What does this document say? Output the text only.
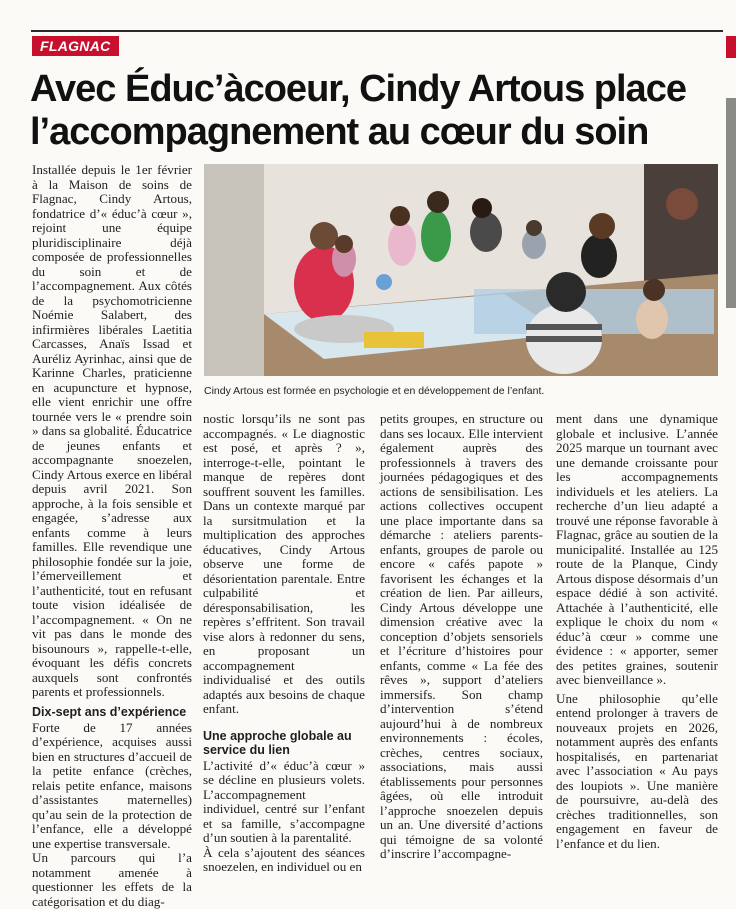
FLAGNAC
Avec Éduc’àcoeur, Cindy Artous place l’accompagnement au cœur du soin

Installée depuis le 1er février à la Maison de soins de Flagnac, Cindy Artous, fondatrice d’« éduc’à cœur », rejoint une équipe pluridisciplinaire déjà composée de professionnelles du soin et de l’accompagnement. Aux côtés de la psychomotricienne Noémie Salabert, des infirmières libérales Laetitia Carcasses, Anaïs Issad et Auréliz Ayrinhac, ainsi que de Karinne Charles, praticienne en acupuncture et hypnose, elle vient enrichir une offre tournée vers le « prendre soin » dans sa globalité. Éducatrice de jeunes enfants et accompagnante snoezelen, Cindy Artous exerce en libéral depuis avril 2021. Son approche, à la fois sensible et engagée, s’adresse aux enfants comme à leurs familles. Elle revendique une philosophie fondée sur la joie, l’émerveillement et l’authenticité, tout en refusant toute vision idéalisée de l’accompagnement. « On ne vit pas dans le monde des bisounours », rappelle-t-elle, évoquant les défis concrets auxquels sont confrontés parents et professionnels.

Dix-sept ans d’expérience

Forte de 17 années d’expérience, acquises aussi bien en structures d’accueil de la petite enfance (crèches, relais petite enfance, maisons d’assistantes maternelles) qu’au sein de la protection de l’enfance, elle a développé une expertise transversale.

Un parcours qui l’a notamment amenée à questionner les effets de la catégorisation et du diag-

Cindy Artous est formée en psychologie et en développement de l’enfant.

nostic lorsqu’ils ne sont pas accompagnés. « Le diagnostic est posé, et après ? », interroge-t-elle, pointant le manque de repères dont souffrent souvent les familles. Dans un contexte marqué par la sursitmulation et la multiplication des approches éducatives, Cindy Artous observe une forme de désorientation parentale. Entre culpabilité et déresponsabilisation, les repères s’effritent. Son travail vise alors à redonner du sens, en proposant un accompagnement individualisé et des outils adaptés aux besoins de chaque enfant.

Une approche globale au service du lien

L’activité d’« éduc’à cœur » se décline en plusieurs volets. L’accompagnement individuel, centré sur l’enfant et sa famille, s’accompagne d’un soutien à la parentalité.

À cela s’ajoutent des séances snoezelen, en individuel ou en

petits groupes, en structure ou dans ses locaux. Elle intervient également auprès des professionnels à travers des journées pédagogiques et des actions de sensibilisation. Les actions collectives occupent une place importante dans sa démarche : ateliers parents-enfants, groupes de parole ou encore « cafés papote » favorisent les échanges et la création de lien. Par ailleurs, Cindy Artous développe une dimension créative avec la conception d’objets sensoriels et l’écriture d’histoires pour enfants, comme « La fée des rêves », support d’ateliers immersifs. Son champ d’intervention s’étend aujourd’hui à de nombreux environnements : écoles, crèches, centres sociaux, associations, mais aussi établissements pour personnes âgées, où elle introduit l’approche snoezelen depuis un an. Une diversité d’actions qui témoigne de sa volonté d’inscrire l’accompagne-

ment dans une dynamique globale et inclusive. L’année 2025 marque un tournant avec une demande croissante pour les accompagnements individuels et les ateliers. La recherche d’un lieu adapté a trouvé une réponse favorable à Flagnac, grâce au soutien de la municipalité. Installée au 125 route de la Planque, Cindy Artous dispose désormais d’un espace dédié à son activité. Attachée à l’authenticité, elle explique le choix du nom « éduc’à cœur » comme une évidence : « apporter, semer des petites graines, soutenir avec bienveillance ».

Une philosophie qu’elle entend prolonger à travers de nouveaux projets en 2026, notamment auprès des enfants hospitalisés, en partenariat avec l’association « Au pays des loupiots ». Une manière de poursuivre, au-delà des crèches traditionnelles, son engagement en faveur de l’enfance et du lien.
